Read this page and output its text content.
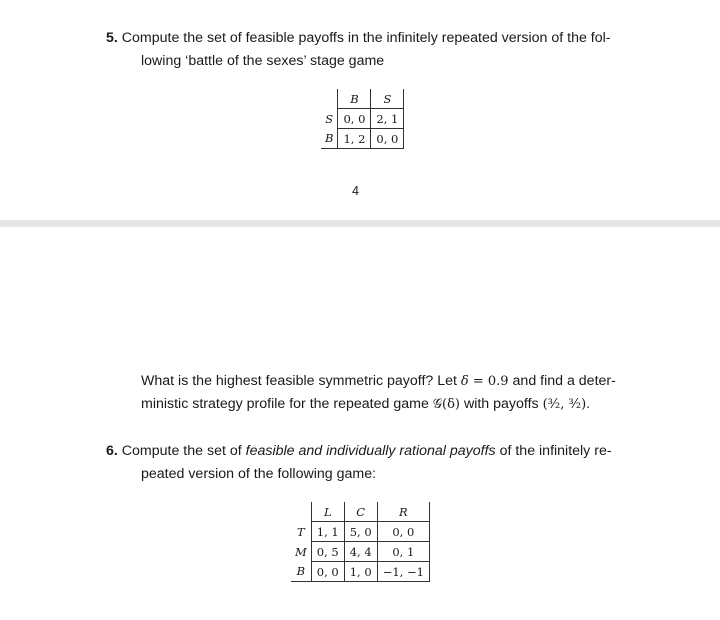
5. Compute the set of feasible payoffs in the infinitely repeated version of the fol-
lowing ‘battle of the sexes’ stage game
	B	S
S	0, 0	2, 1
B	1, 2	0, 0
4
What is the highest feasible symmetric payoff? Let δ = 0.9 and find a deter-
ministic strategy profile for the repeated game 𝒢(δ) with payoffs (³⁄₂, ³⁄₂).
6. Compute the set of feasible and individually rational payoffs of the infinitely re-
peated version of the following game:
	L	C	R
T	1, 1	5, 0	0, 0
M	0, 5	4, 4	0, 1
B	0, 0	1, 0	−1, −1
